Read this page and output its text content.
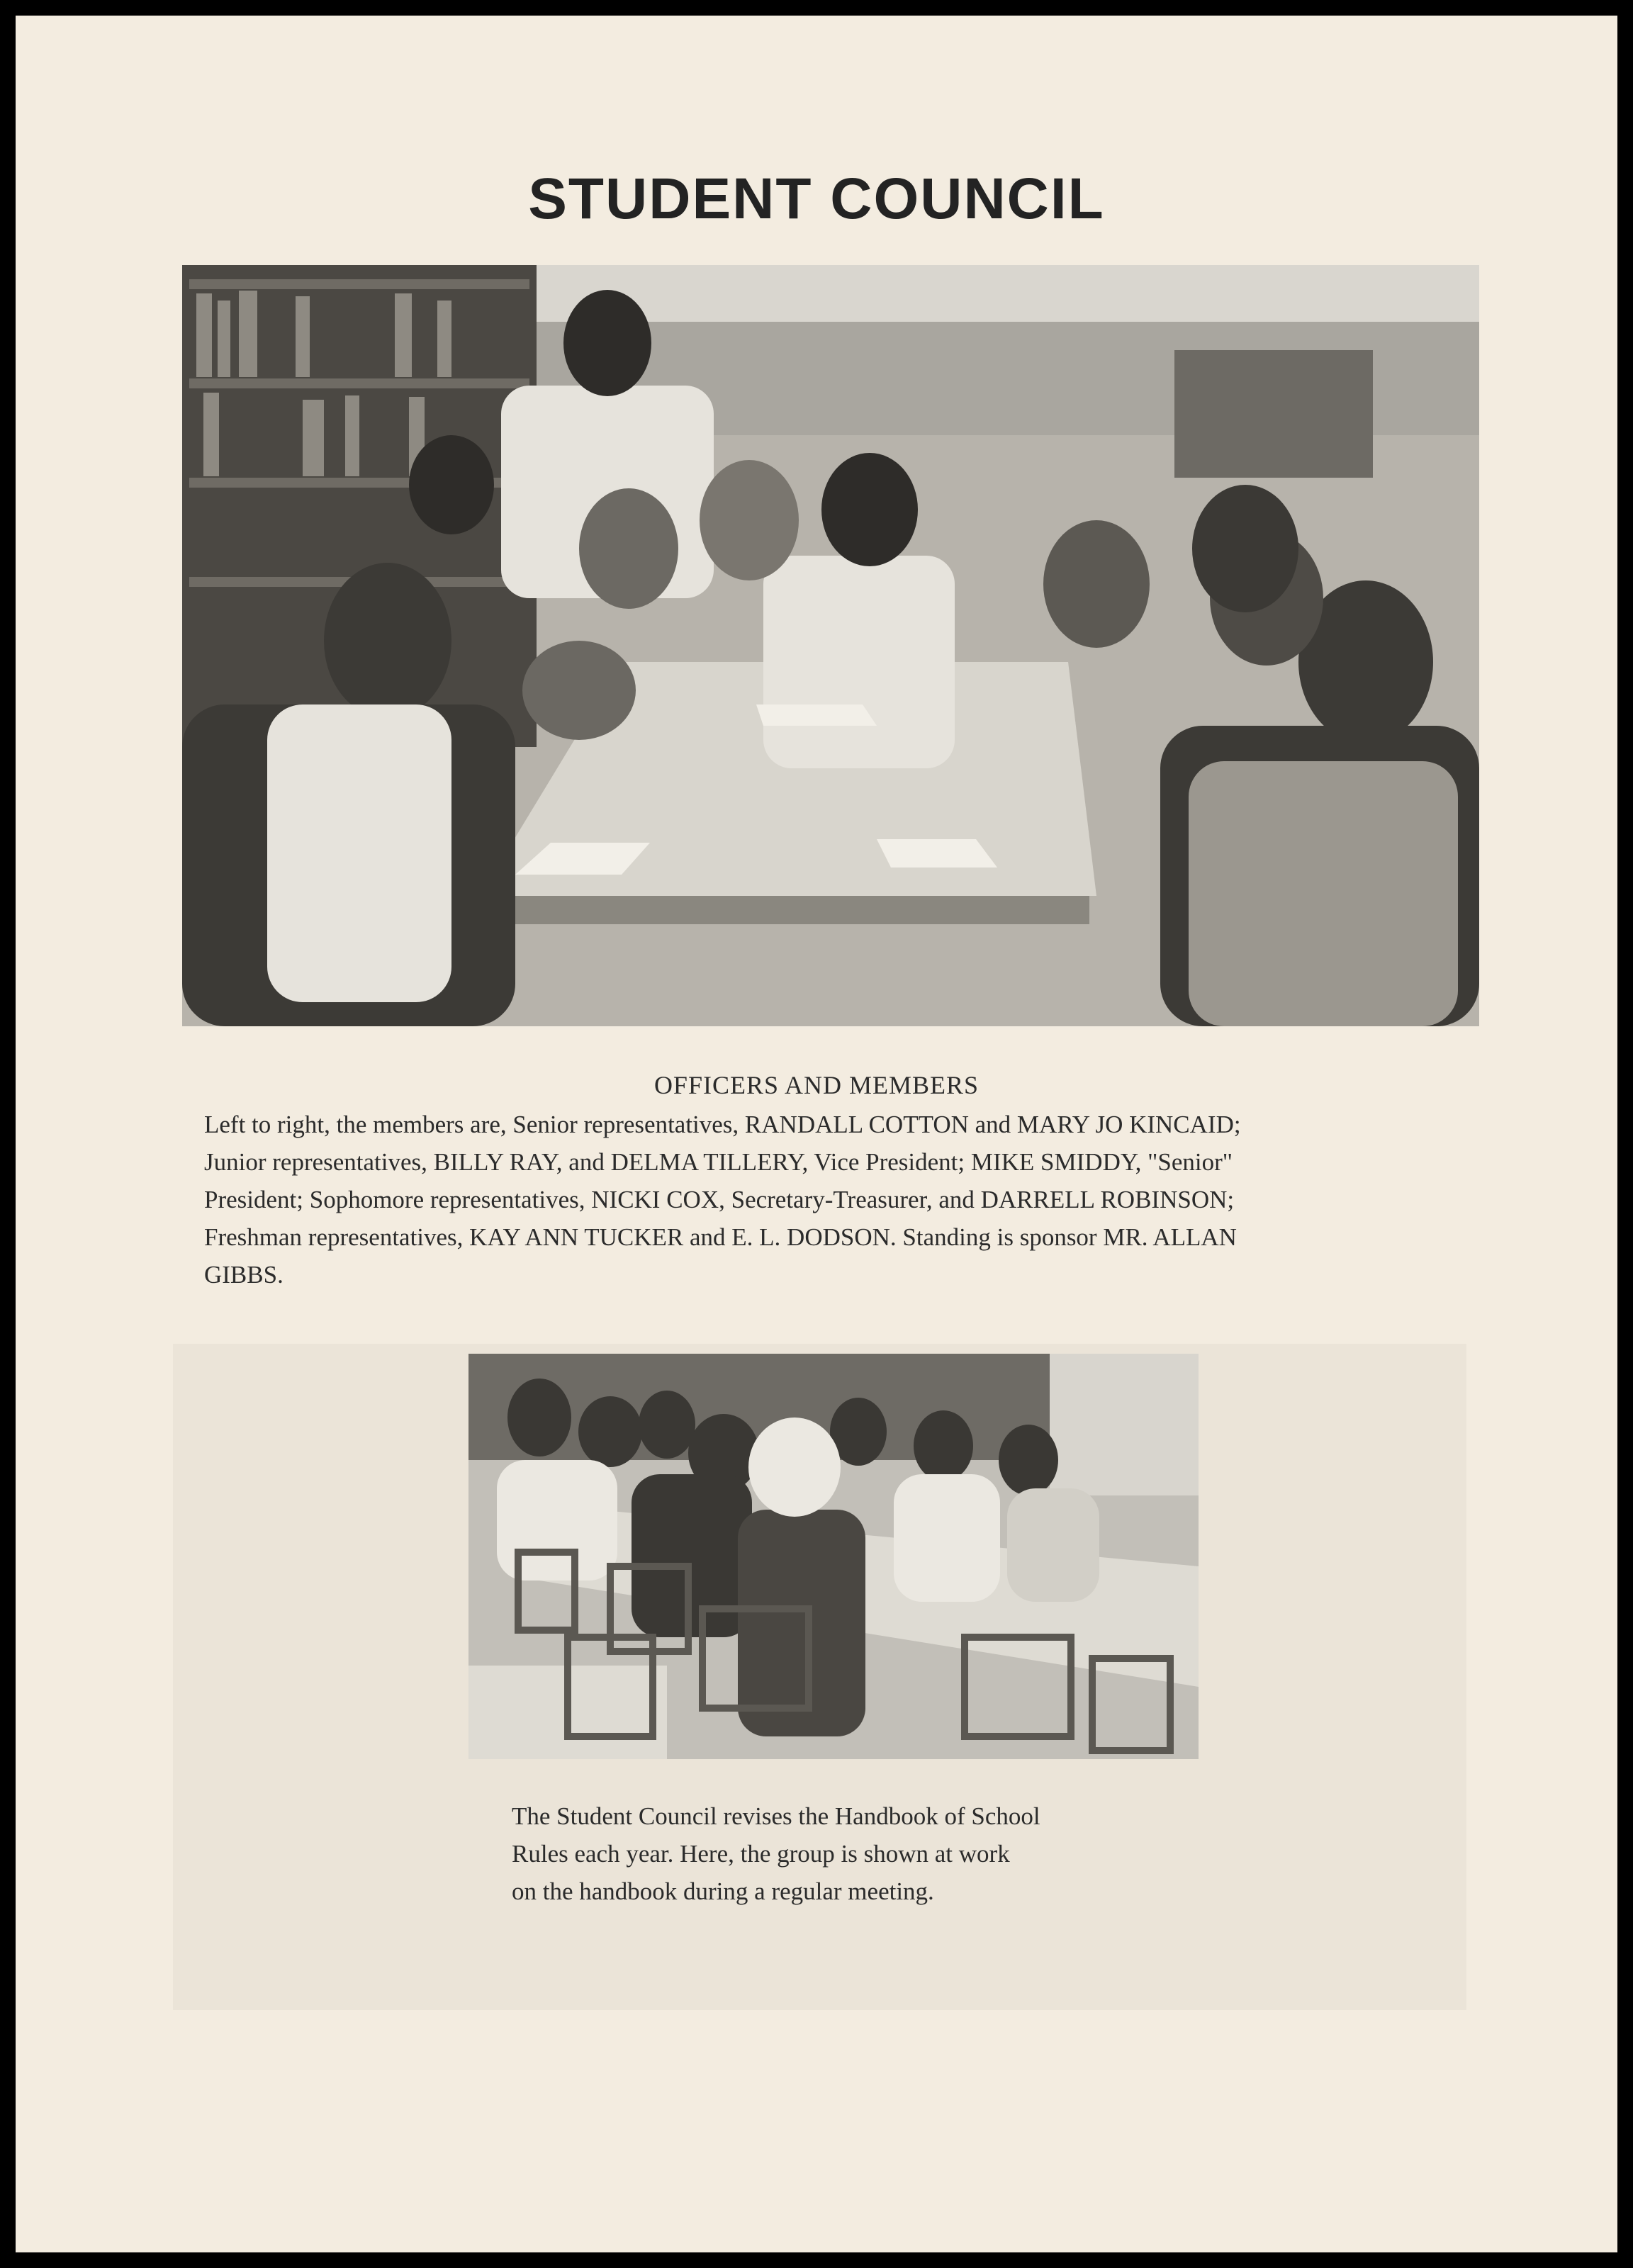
STUDENT COUNCIL
OFFICERS AND MEMBERS
Left to right, the members are, Senior representatives, RANDALL COTTON and MARY JO KINCAID;
Junior representatives, BILLY RAY, and DELMA TILLERY, Vice President; MIKE SMIDDY, "Senior"
President; Sophomore representatives, NICKI COX, Secretary-Treasurer, and DARRELL ROBINSON;
Freshman representatives, KAY ANN TUCKER and E. L. DODSON. Standing is sponsor MR. ALLAN
GIBBS.
The Student Council revises the Handbook of School
Rules each year. Here, the group is shown at work
on the handbook during a regular meeting.
